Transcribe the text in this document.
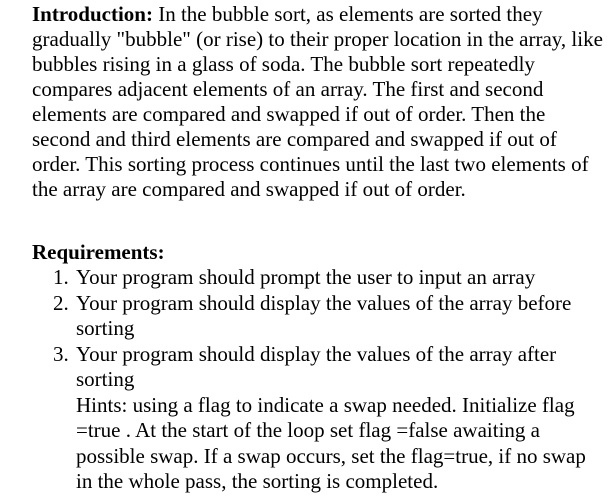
Introduction: In the bubble sort, as elements are sorted they gradually "bubble" (or rise) to their proper location in the array, like bubbles rising in a glass of soda. The bubble sort repeatedly compares adjacent elements of an array. The first and second elements are compared and swapped if out of order. Then the second and third elements are compared and swapped if out of order. This sorting process continues until the last two elements of the array are compared and swapped if out of order.

Requirements:
1. Your program should prompt the user to input an array
2. Your program should display the values of the array before sorting
3. Your program should display the values of the array after sorting
Hints: using a flag to indicate a swap needed. Initialize flag =true . At the start of the loop set flag =false awaiting a possible swap. If a swap occurs, set the flag=true, if no swap in the whole pass, the sorting is completed.
